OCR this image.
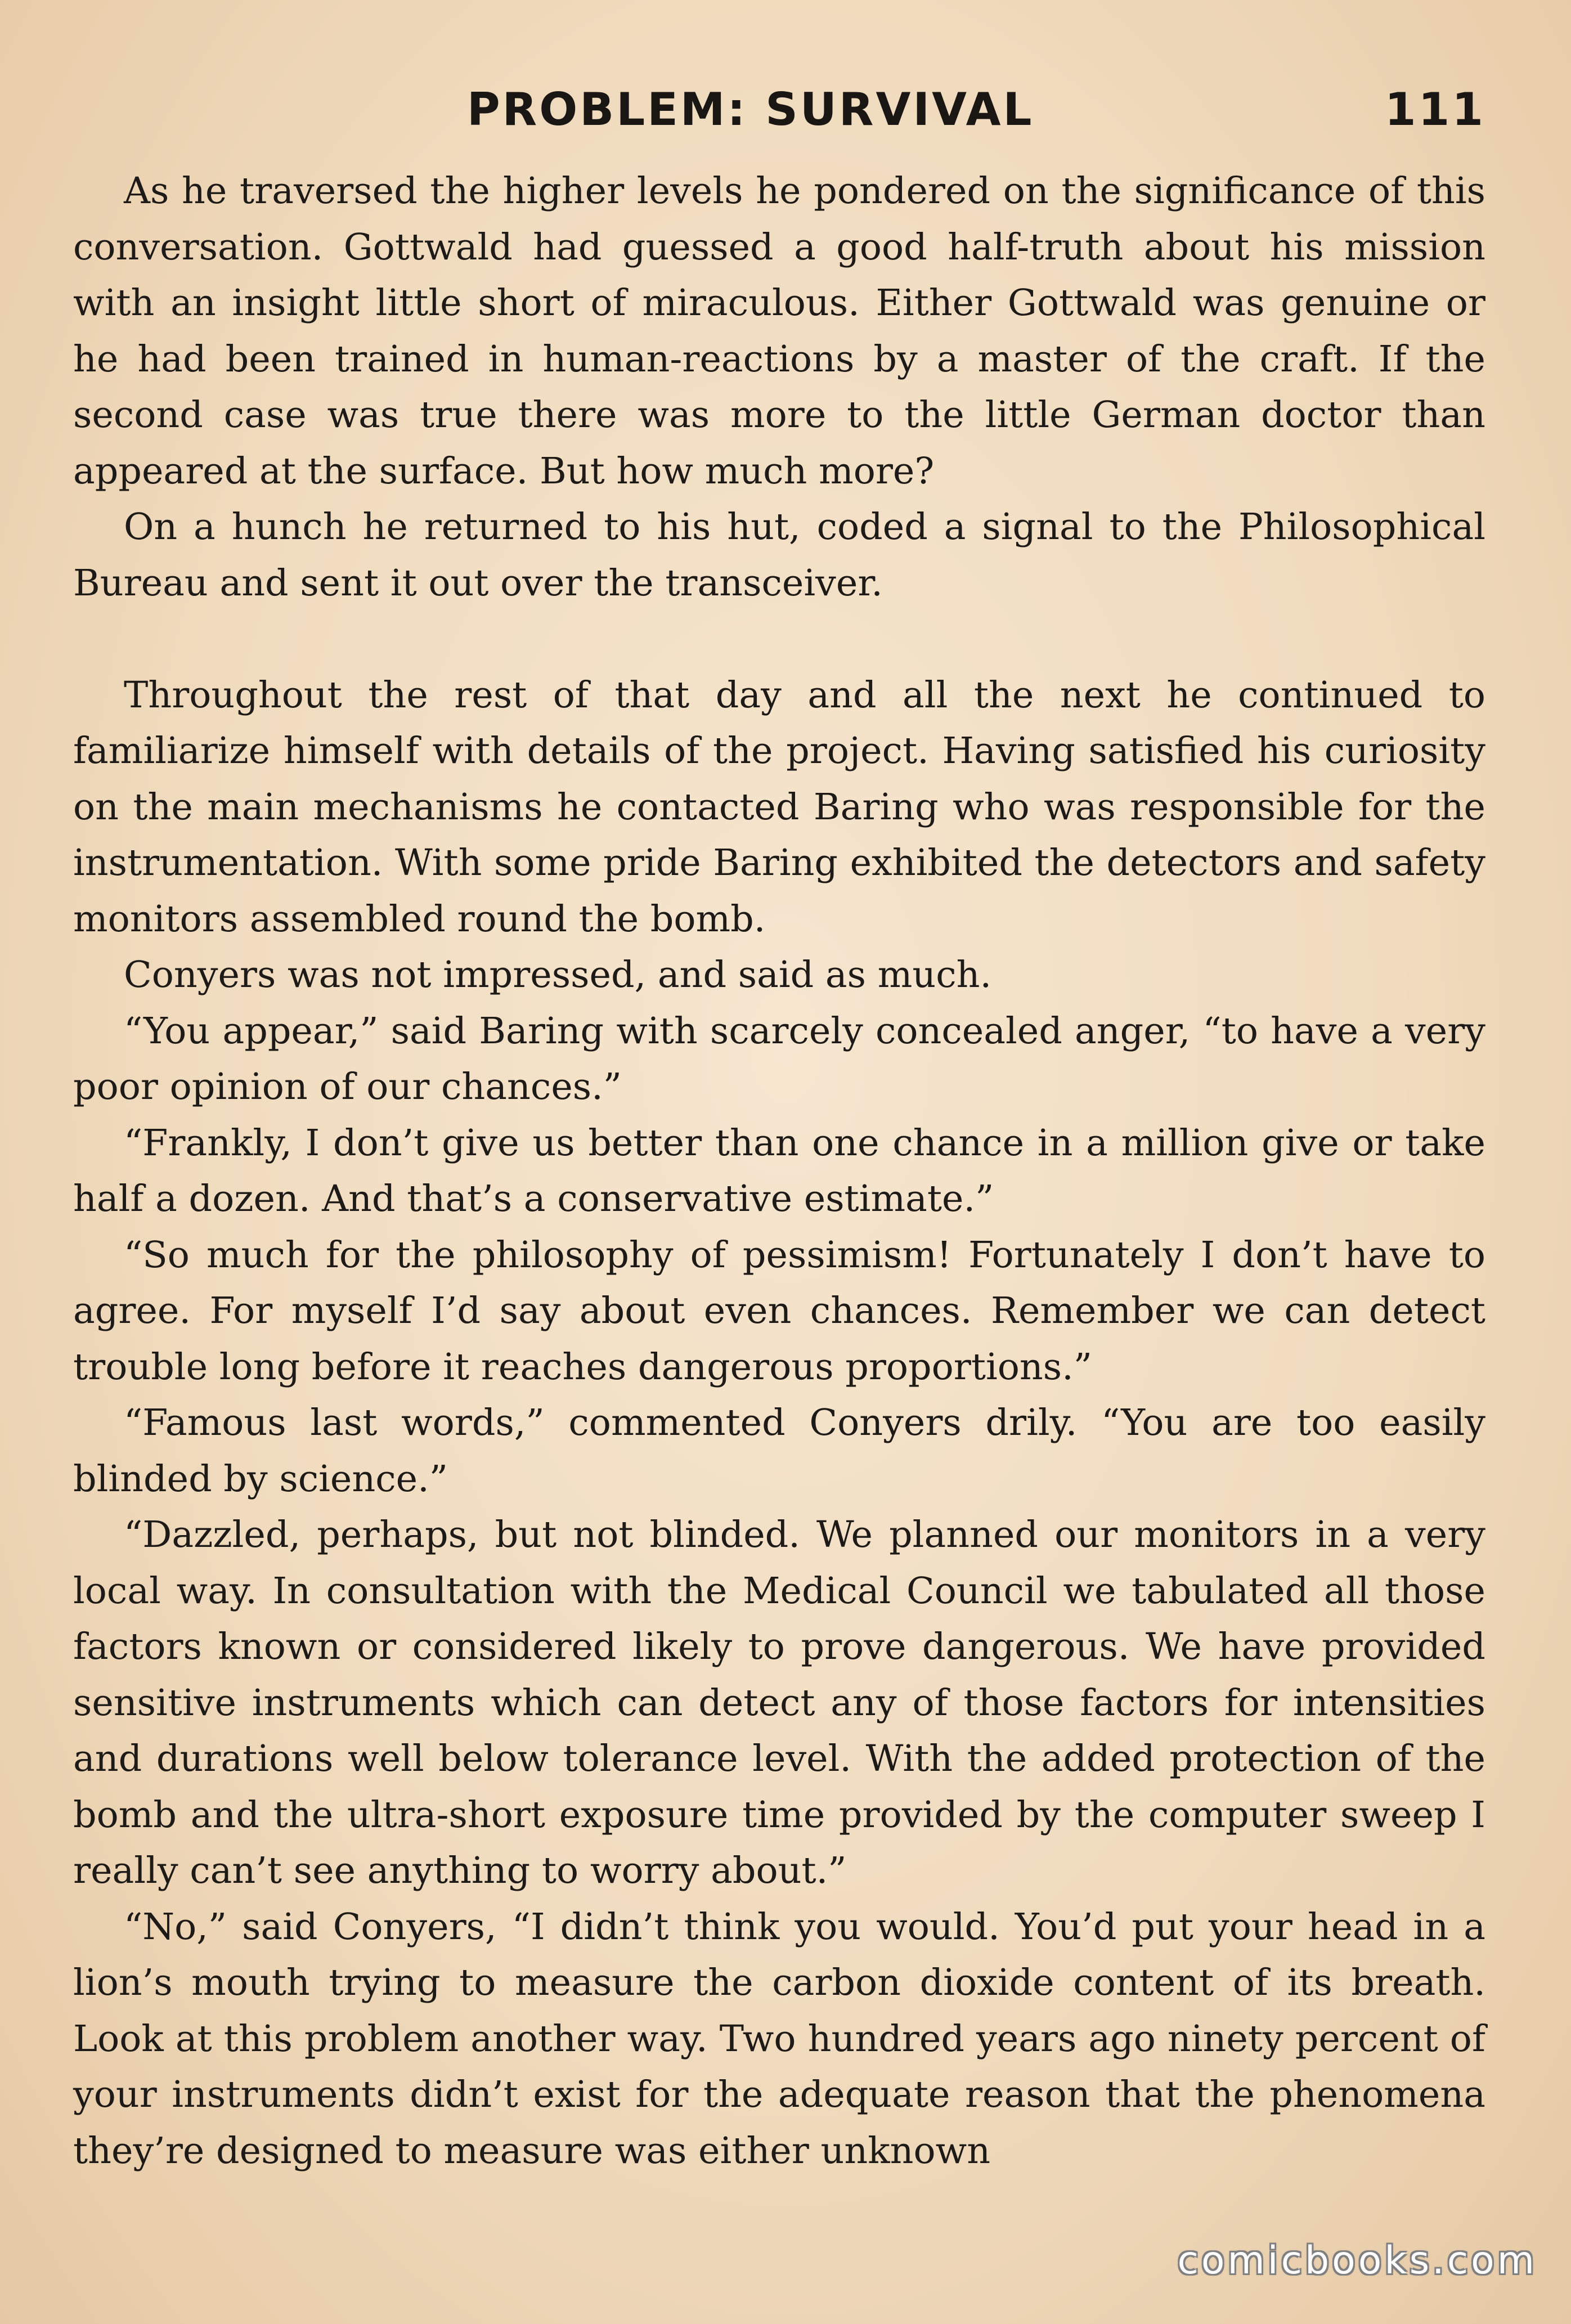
PROBLEM: SURVIVAL	111

As he traversed the higher levels he pondered on the significance of this conversation. Gottwald had guessed a good half-truth about his mission with an insight little short of miraculous. Either Gottwald was genuine or he had been trained in human-reactions by a master of the craft. If the second case was true there was more to the little German doctor than appeared at the surface. But how much more?

On a hunch he returned to his hut, coded a signal to the Philosophical Bureau and sent it out over the transceiver.

Throughout the rest of that day and all the next he continued to familiarize himself with details of the project. Having satisfied his curiosity on the main mechanisms he contacted Baring who was responsible for the instrumentation. With some pride Baring exhibited the detectors and safety monitors assembled round the bomb.

Conyers was not impressed, and said as much.

“You appear,” said Baring with scarcely concealed anger, “to have a very poor opinion of our chances.”

“Frankly, I don’t give us better than one chance in a million give or take half a dozen. And that’s a conservative estimate.”

“So much for the philosophy of pessimism! Fortunately I don’t have to agree. For myself I’d say about even chances. Remember we can detect trouble long before it reaches dangerous proportions.”

“Famous last words,” commented Conyers drily. “You are too easily blinded by science.”

“Dazzled, perhaps, but not blinded. We planned our monitors in a very local way. In consultation with the Medical Council we tabulated all those factors known or considered likely to prove dangerous. We have provided sensitive instruments which can detect any of those factors for intensities and durations well below tolerance level. With the added protection of the bomb and the ultra-short exposure time provided by the computer sweep I really can’t see anything to worry about.”

“No,” said Conyers, “I didn’t think you would. You’d put your head in a lion’s mouth trying to measure the carbon dioxide content of its breath. Look at this problem another way. Two hundred years ago ninety percent of your instruments didn’t exist for the adequate reason that the phenomena they’re designed to measure was either unknown

comicbooks.com
